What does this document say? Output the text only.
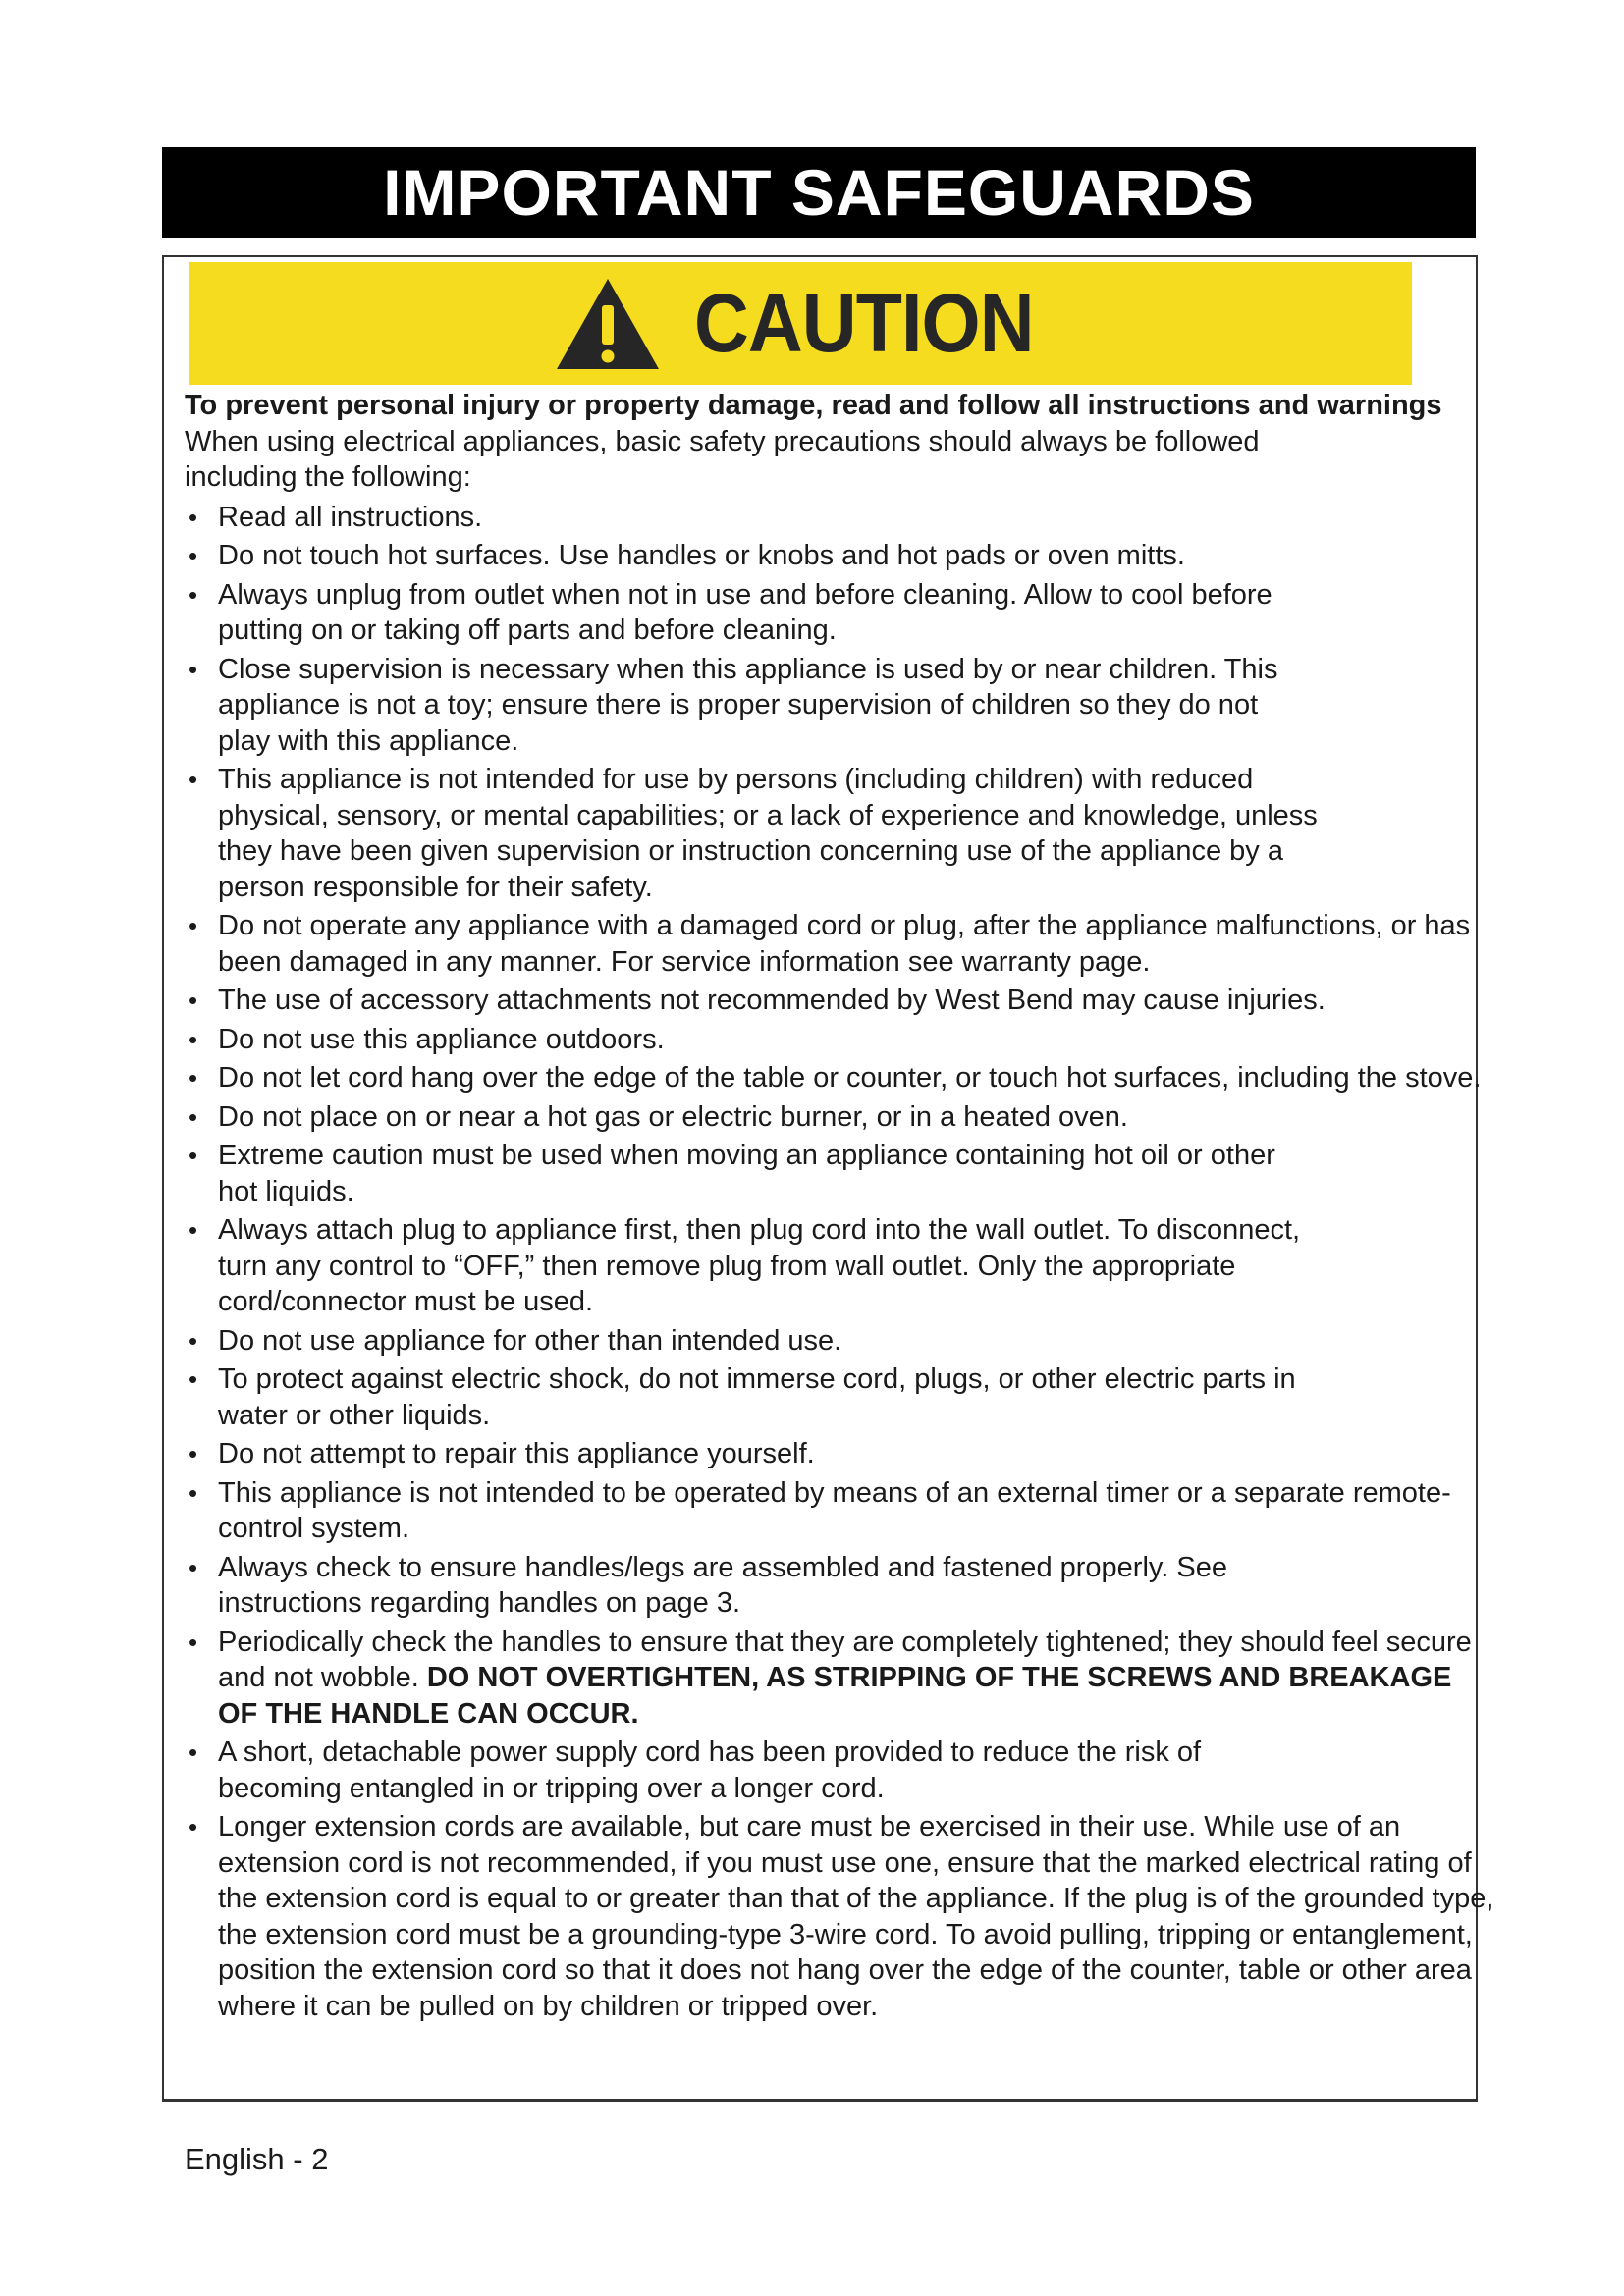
IMPORTANT SAFEGUARDS
CAUTION
To prevent personal injury or property damage, read and follow all instructions and warnings
When using electrical appliances, basic safety precautions should always be followed including the following:
• Read all instructions.
• Do not touch hot surfaces. Use handles or knobs and hot pads or oven mitts.
• Always unplug from outlet when not in use and before cleaning. Allow to cool before putting on or taking off parts and before cleaning.
• Close supervision is necessary when this appliance is used by or near children. This appliance is not a toy; ensure there is proper supervision of children so they do not play with this appliance.
• This appliance is not intended for use by persons (including children) with reduced physical, sensory, or mental capabilities; or a lack of experience and knowledge, unless they have been given supervision or instruction concerning use of the appliance by a person responsible for their safety.
• Do not operate any appliance with a damaged cord or plug, after the appliance malfunctions, or has been damaged in any manner. For service information see warranty page.
• The use of accessory attachments not recommended by West Bend may cause injuries.
• Do not use this appliance outdoors.
• Do not let cord hang over the edge of the table or counter, or touch hot surfaces, including the stove.
• Do not place on or near a hot gas or electric burner, or in a heated oven.
• Extreme caution must be used when moving an appliance containing hot oil or other hot liquids.
• Always attach plug to appliance first, then plug cord into the wall outlet. To disconnect, turn any control to “OFF,” then remove plug from wall outlet. Only the appropriate cord/connector must be used.
• Do not use appliance for other than intended use.
• To protect against electric shock, do not immerse cord, plugs, or other electric parts in water or other liquids.
• Do not attempt to repair this appliance yourself.
• This appliance is not intended to be operated by means of an external timer or a separate remote-control system.
• Always check to ensure handles/legs are assembled and fastened properly. See instructions regarding handles on page 3.
• Periodically check the handles to ensure that they are completely tightened; they should feel secure and not wobble. DO NOT OVERTIGHTEN, AS STRIPPING OF THE SCREWS AND BREAKAGE OF THE HANDLE CAN OCCUR.
• A short, detachable power supply cord has been provided to reduce the risk of becoming entangled in or tripping over a longer cord.
• Longer extension cords are available, but care must be exercised in their use. While use of an extension cord is not recommended, if you must use one, ensure that the marked electrical rating of the extension cord is equal to or greater than that of the appliance. If the plug is of the grounded type, the extension cord must be a grounding-type 3-wire cord. To avoid pulling, tripping or entanglement, position the extension cord so that it does not hang over the edge of the counter, table or other area where it can be pulled on by children or tripped over.
English - 2
